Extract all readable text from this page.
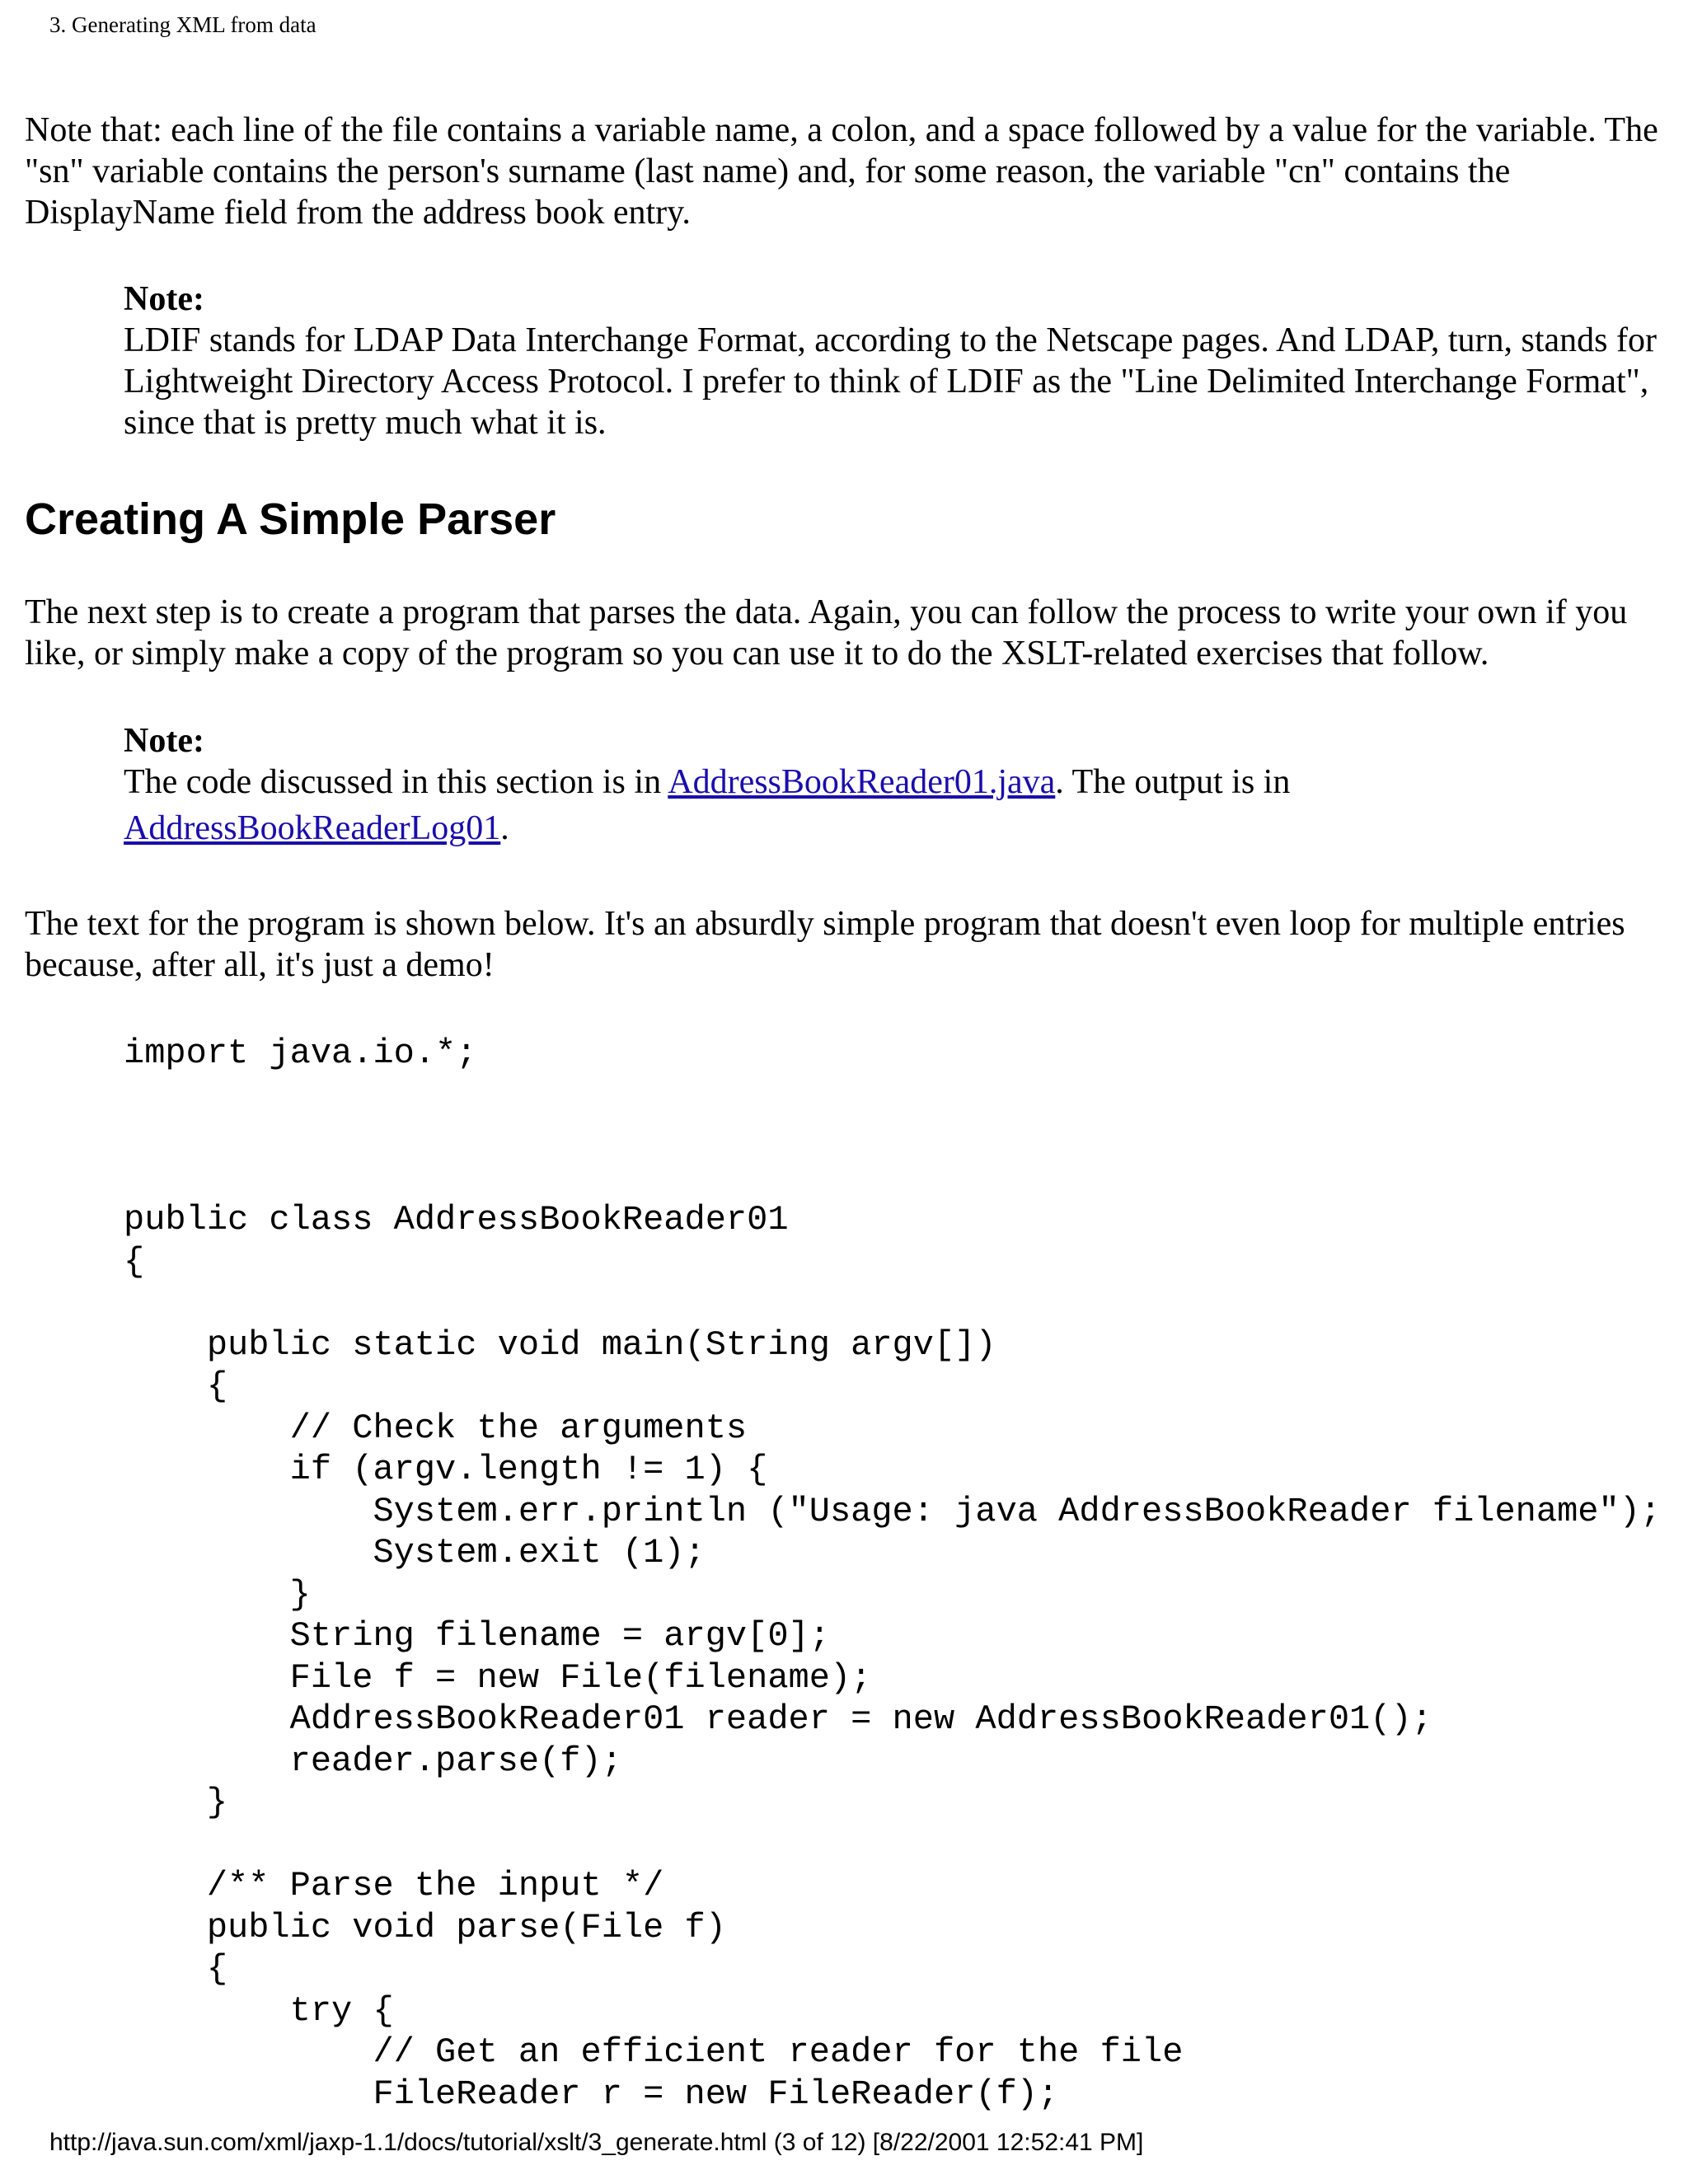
3. Generating XML from data
Note that: each line of the file contains a variable name, a colon, and a space followed by a value for the variable. The "sn" variable contains the person's surname (last name) and, for some reason, the variable "cn" contains the DisplayName field from the address book entry.
Note:
LDIF stands for LDAP Data Interchange Format, according to the Netscape pages. And LDAP, turn, stands for Lightweight Directory Access Protocol. I prefer to think of LDIF as the "Line Delimited Interchange Format", since that is pretty much what it is.
Creating A Simple Parser
The next step is to create a program that parses the data. Again, you can follow the process to write your own if you like, or simply make a copy of the program so you can use it to do the XSLT-related exercises that follow.
Note:
The code discussed in this section is in AddressBookReader01.java. The output is in
AddressBookReaderLog01.
The text for the program is shown below. It's an absurdly simple program that doesn't even loop for multiple entries because, after all, it's just a demo!
import java.io.*;
public class AddressBookReader01
{
public static void main(String argv[])
{
// Check the arguments
if (argv.length != 1) {
System.err.println ("Usage: java AddressBookReader filename");
System.exit (1);
}
String filename = argv[0];
File f = new File(filename);
AddressBookReader01 reader = new AddressBookReader01();
reader.parse(f);
}
/** Parse the input */
public void parse(File f)
{
try {
// Get an efficient reader for the file
FileReader r = new FileReader(f);
http://java.sun.com/xml/jaxp-1.1/docs/tutorial/xslt/3_generate.html (3 of 12) [8/22/2001 12:52:41 PM]
